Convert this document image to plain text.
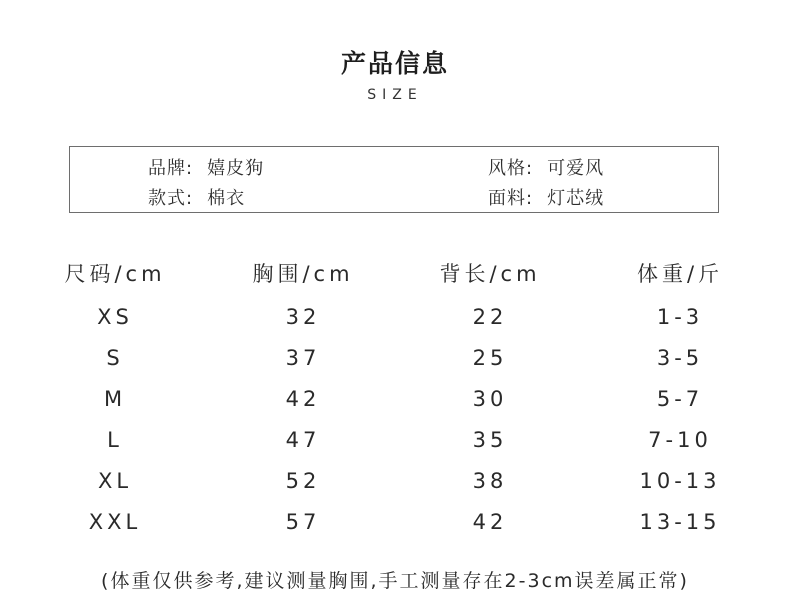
产品信息
SIZE
品牌: 嬉皮狗	风格: 可爱风
款式: 棉衣	面料: 灯芯绒
尺码/cm	胸围/cm	背长/cm	体重/斤
XS	32	22	1-3
S	37	25	3-5
M	42	30	5-7
L	47	35	7-10
XL	52	38	10-13
XXL	57	42	13-15
(体重仅供参考,建议测量胸围,手工测量存在2-3cm误差属正常)
